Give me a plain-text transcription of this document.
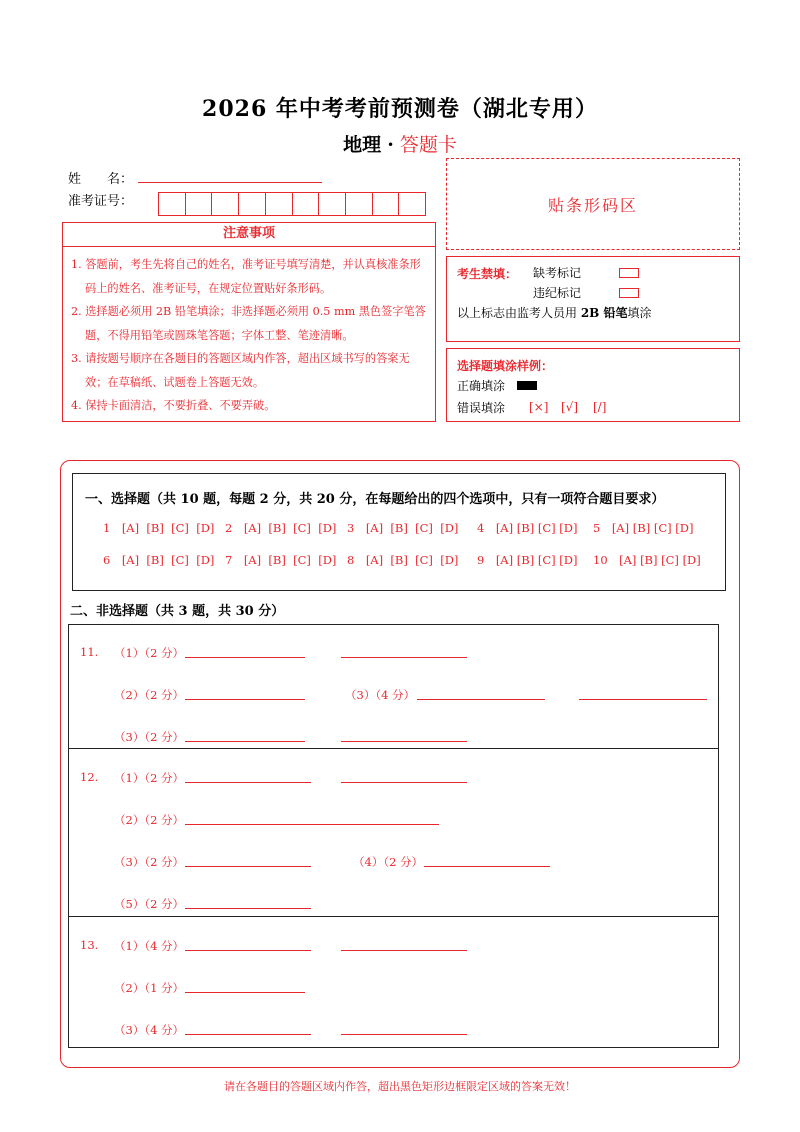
2026 年中考考前预测卷（湖北专用）
地理 · 答题卡
姓　　名：
准考证号：	贴条形码区
注意事项
1. 答题前，考生先将自己的姓名，准考证号填写清楚，并认真核准条形码上的姓名、准考证号，在规定位置贴好条形码。
2. 选择题必须用 2B 铅笔填涂；非选择题必须用 0.5 mm 黑色签字笔答题，不得用铅笔或圆珠笔答题；字体工整、笔迹清晰。
3. 请按题号顺序在各题目的答题区域内作答，超出区域书写的答案无效；在草稿纸、试题卷上答题无效。
4. 保持卡面清洁，不要折叠、不要弄破。
考生禁填： 缺考标记
违纪标记
以上标志由监考人员用 2B 铅笔填涂
选择题填涂样例：
正确填涂
错误填涂 [×] [√] [/]
一、选择题（共 10 题，每题 2 分，共 20 分，在每题给出的四个选项中，只有一项符合题目要求）
1　[A]  [B]  [C]  [D] 2　[A]  [B]  [C]  [D] 3　[A]  [B]  [C]  [D] 4　[A] [B] [C] [D] 5　[A] [B] [C] [D]
6　[A]  [B]  [C]  [D] 7　[A]  [B]  [C]  [D] 8　[A]  [B]  [C]  [D] 9　[A] [B] [C] [D] 10　[A] [B] [C] [D]
二、非选择题（共 3 题，共 30 分）
11. （1）（2 分）
（2）（2 分）	（3）（4 分）
（3）（2 分）
12. （1）（2 分）
（2）（2 分）
（3）（2 分）	（4）（2 分）
（5）（2 分）
13. （1）（4 分）
（2）（1 分）
（3）（4 分）
请在各题目的答题区域内作答，超出黑色矩形边框限定区域的答案无效！
